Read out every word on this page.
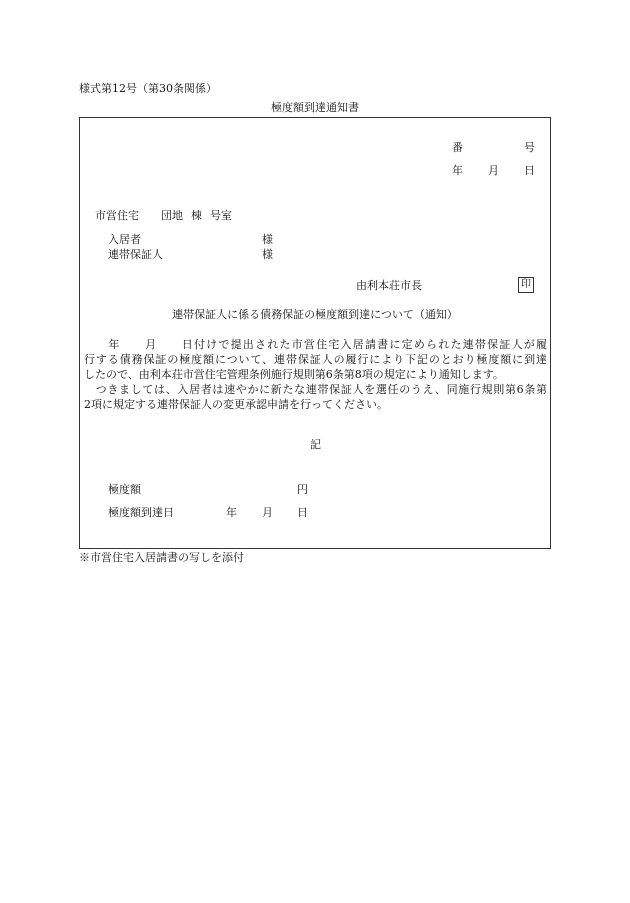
様式第12号（第30条関係）
極度額到達通知書
番	号
年 月 日
市営住宅 団地 棟 号室
入居者	様
連帯保証人	様
由利本荘市長	印
連帯保証人に係る債務保証の極度額到達について（通知）
　　年　　月　　日付けで提出された市営住宅入居請書に定められた連帯保証人が履
行する債務保証の極度額について、連帯保証人の履行により下記のとおり極度額に到達
したので、由利本荘市営住宅管理条例施行規則第6条第8項の規定により通知します。
　つきましては、入居者は速やかに新たな連帯保証人を選任のうえ、同施行規則第6条第
2項に規定する連帯保証人の変更承認申請を行ってください。
記
極度額	円
極度額到達日	年 月 日
※市営住宅入居請書の写しを添付
